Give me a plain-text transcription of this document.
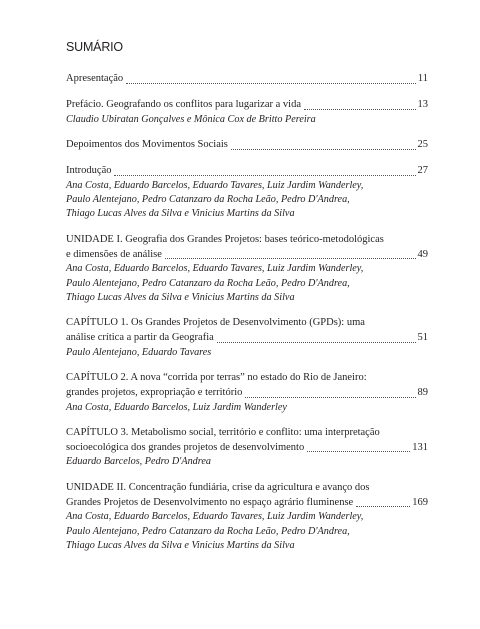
SUMÁRIO
Apresentação	11
Prefácio. Geografando os conflitos para lugarizar a vida	13
Claudio Ubiratan Gonçalves e Mônica Cox de Britto Pereira
Depoimentos dos Movimentos Sociais	25
Introdução	27
Ana Costa, Eduardo Barcelos, Eduardo Tavares, Luiz Jardim Wanderley,
Paulo Alentejano, Pedro Catanzaro da Rocha Leão, Pedro D'Andrea,
Thiago Lucas Alves da Silva e Vinicius Martins da Silva
UNIDADE I. Geografia dos Grandes Projetos: bases teórico-metodológicas
e dimensões de análise	49
Ana Costa, Eduardo Barcelos, Eduardo Tavares, Luiz Jardim Wanderley,
Paulo Alentejano, Pedro Catanzaro da Rocha Leão, Pedro D'Andrea,
Thiago Lucas Alves da Silva e Vinicius Martins da Silva
CAPÍTULO 1. Os Grandes Projetos de Desenvolvimento (GPDs): uma
análise crítica a partir da Geografia	51
Paulo Alentejano, Eduardo Tavares
CAPÍTULO 2. A nova “corrida por terras” no estado do Rio de Janeiro:
grandes projetos, expropriação e território	89
Ana Costa, Eduardo Barcelos, Luiz Jardim Wanderley
CAPÍTULO 3. Metabolismo social, território e conflito: uma interpretação
socioecológica dos grandes projetos de desenvolvimento	131
Eduardo Barcelos, Pedro D'Andrea
UNIDADE II. Concentração fundiária, crise da agricultura e avanço dos
Grandes Projetos de Desenvolvimento no espaço agrário fluminense	169
Ana Costa, Eduardo Barcelos, Eduardo Tavares, Luiz Jardim Wanderley,
Paulo Alentejano, Pedro Catanzaro da Rocha Leão, Pedro D'Andrea,
Thiago Lucas Alves da Silva e Vinicius Martins da Silva
